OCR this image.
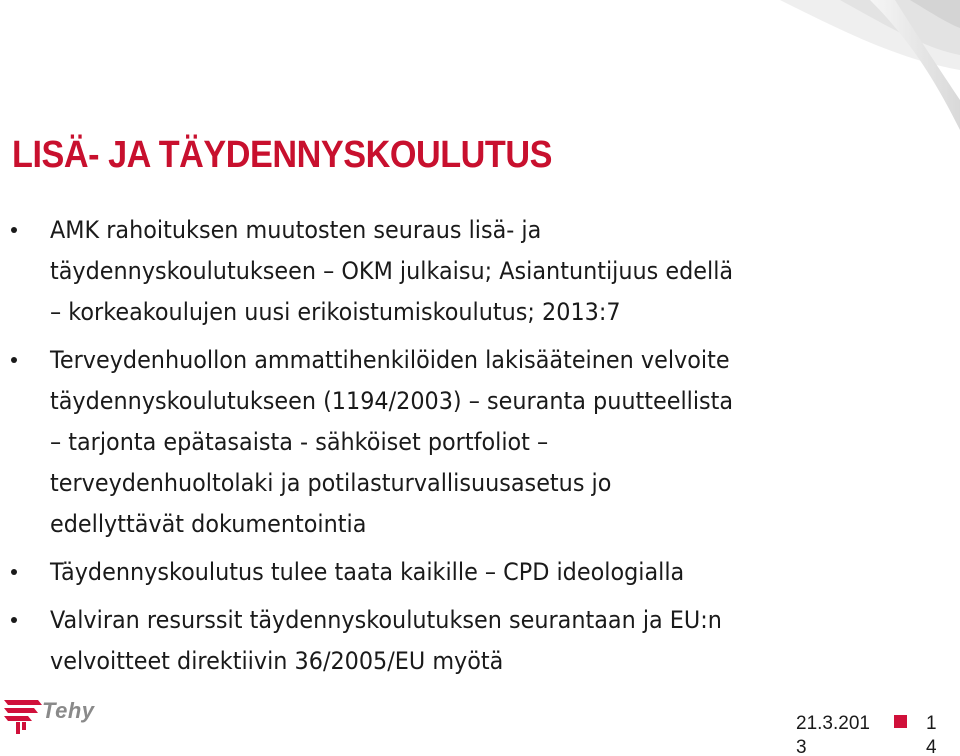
LISÄ- JA TÄYDENNYSKOULUTUS
AMK rahoituksen muutosten seuraus lisä- ja
täydennyskoulutukseen – OKM julkaisu; Asiantuntijuus edellä
– korkeakoulujen uusi erikoistumiskoulutus; 2013:7
Terveydenhuollon ammattihenkilöiden lakisääteinen velvoite
täydennyskoulutukseen (1194/2003) – seuranta puutteellista
– tarjonta epätasaista - sähköiset portfoliot –
terveydenhuoltolaki ja potilasturvallisuusasetus jo
edellyttävät dokumentointia
Täydennyskoulutus tulee taata kaikille – CPD ideologialla
Valviran resurssit täydennyskoulutuksen seurantaan ja EU:n
velvoitteet direktiivin 36/2005/EU myötä
Tehy
21.3.2013
14
